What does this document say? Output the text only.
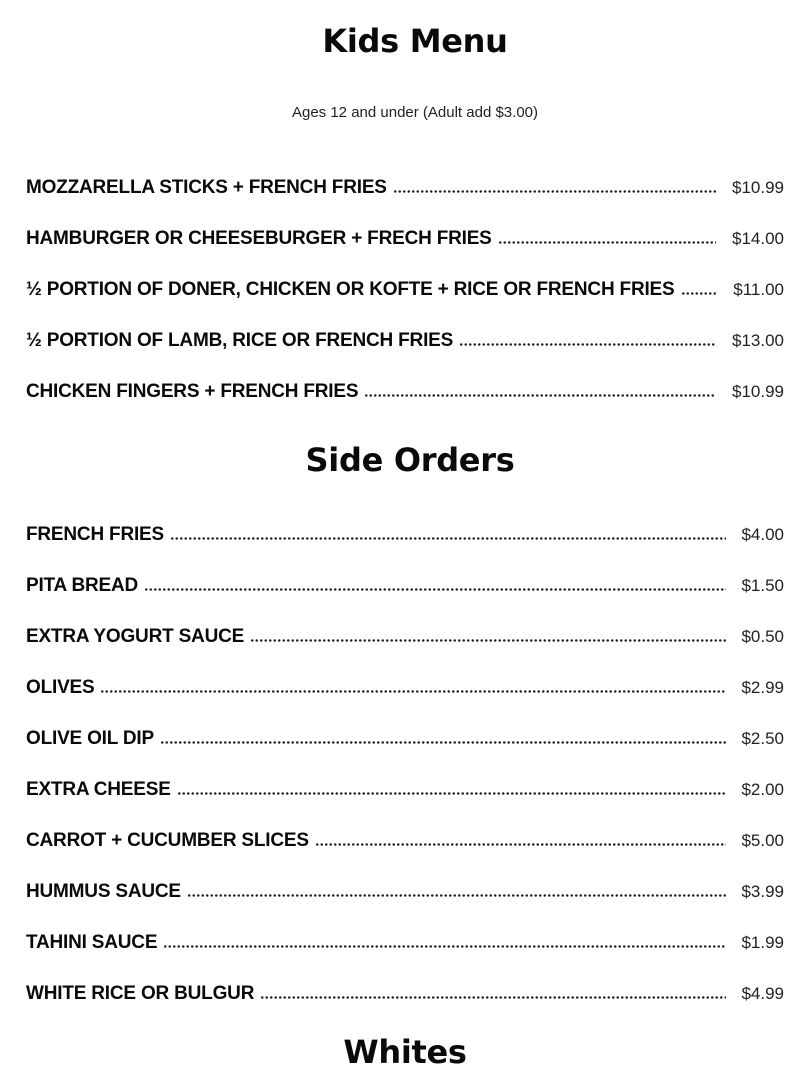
Kids Menu
Ages 12 and under (Adult add $3.00)
MOZZARELLA STICKS + FRENCH FRIES	$10.99
HAMBURGER OR CHEESEBURGER + FRECH FRIES	$14.00
½ PORTION OF DONER, CHICKEN OR KOFTE + RICE OR FRENCH FRIES	$11.00
½ PORTION OF LAMB, RICE OR FRENCH FRIES	$13.00
CHICKEN FINGERS + FRENCH FRIES	$10.99
Side Orders
FRENCH FRIES	$4.00
PITA BREAD	$1.50
EXTRA YOGURT SAUCE	$0.50
OLIVES	$2.99
OLIVE OIL DIP	$2.50
EXTRA CHEESE	$2.00
CARROT + CUCUMBER SLICES	$5.00
HUMMUS SAUCE	$3.99
TAHINI SAUCE	$1.99
WHITE RICE OR BULGUR	$4.99
Whites
